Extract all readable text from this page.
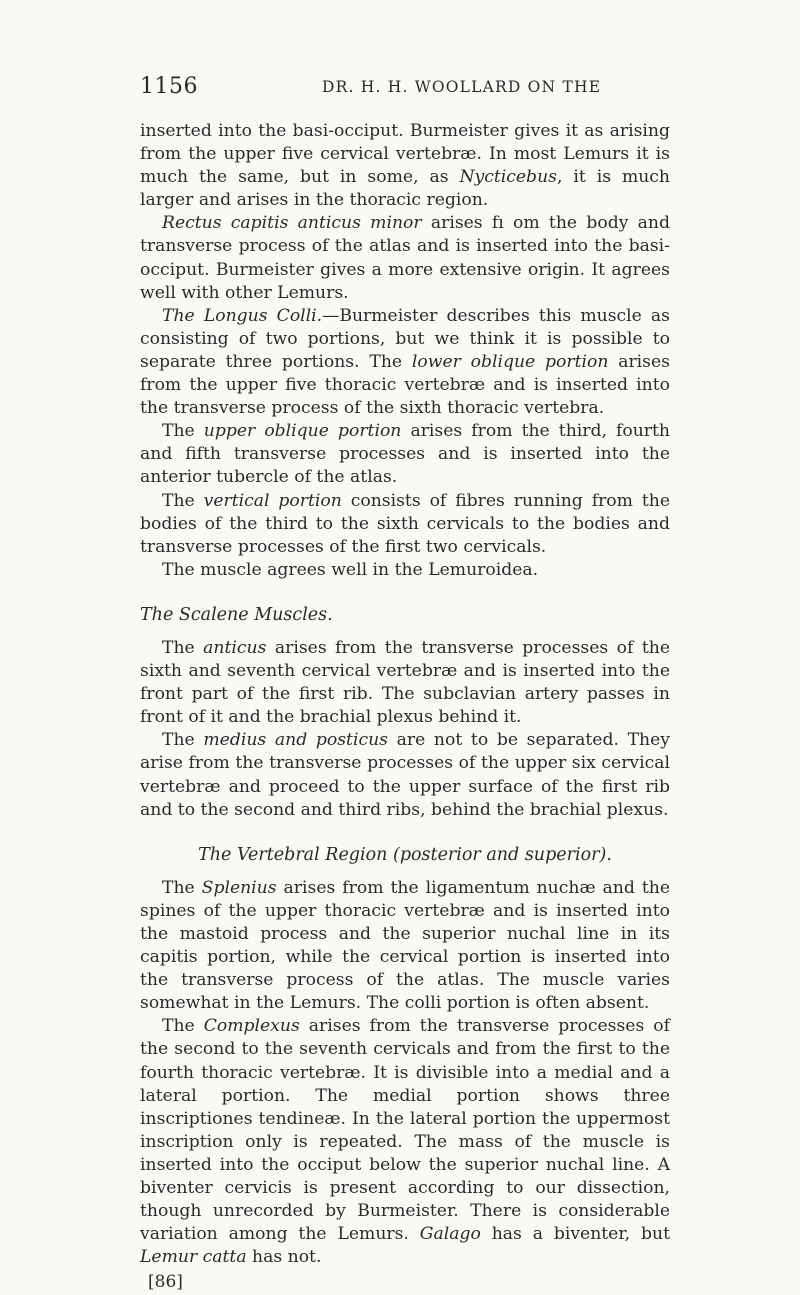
1156	DR. H. H. WOOLLARD ON THE

inserted into the basi-occiput. Burmeister gives it as arising from the upper five cervical vertebræ. In most Lemurs it is much the same, but in some, as Nycticebus, it is much larger and arises in the thoracic region.

Rectus capitis anticus minor arises fı om the body and transverse process of the atlas and is inserted into the basi-occiput. Burmeister gives a more extensive origin. It agrees well with other Lemurs.

The Longus Colli.—Burmeister describes this muscle as consisting of two portions, but we think it is possible to separate three portions. The lower oblique portion arises from the upper five thoracic vertebræ and is inserted into the transverse process of the sixth thoracic vertebra.

The upper oblique portion arises from the third, fourth and fifth transverse processes and is inserted into the anterior tubercle of the atlas.

The vertical portion consists of fibres running from the bodies of the third to the sixth cervicals to the bodies and transverse processes of the first two cervicals.

The muscle agrees well in the Lemuroidea.

The Scalene Muscles.

The anticus arises from the transverse processes of the sixth and seventh cervical vertebræ and is inserted into the front part of the first rib. The subclavian artery passes in front of it and the brachial plexus behind it.

The medius and posticus are not to be separated. They arise from the transverse processes of the upper six cervical vertebræ and proceed to the upper surface of the first rib and to the second and third ribs, behind the brachial plexus.

The Vertebral Region (posterior and superior).

The Splenius arises from the ligamentum nuchæ and the spines of the upper thoracic vertebræ and is inserted into the mastoid process and the superior nuchal line in its capitis portion, while the cervical portion is inserted into the transverse process of the atlas. The muscle varies somewhat in the Lemurs. The colli portion is often absent.

The Complexus arises from the transverse processes of the second to the seventh cervicals and from the first to the fourth thoracic vertebræ. It is divisible into a medial and a lateral portion. The medial portion shows three inscriptiones tendineæ. In the lateral portion the uppermost inscription only is repeated. The mass of the muscle is inserted into the occiput below the superior nuchal line. A biventer cervicis is present according to our dissection, though unrecorded by Burmeister. There is considerable variation among the Lemurs. Galago has a biventer, but Lemur catta has not.

[86]
